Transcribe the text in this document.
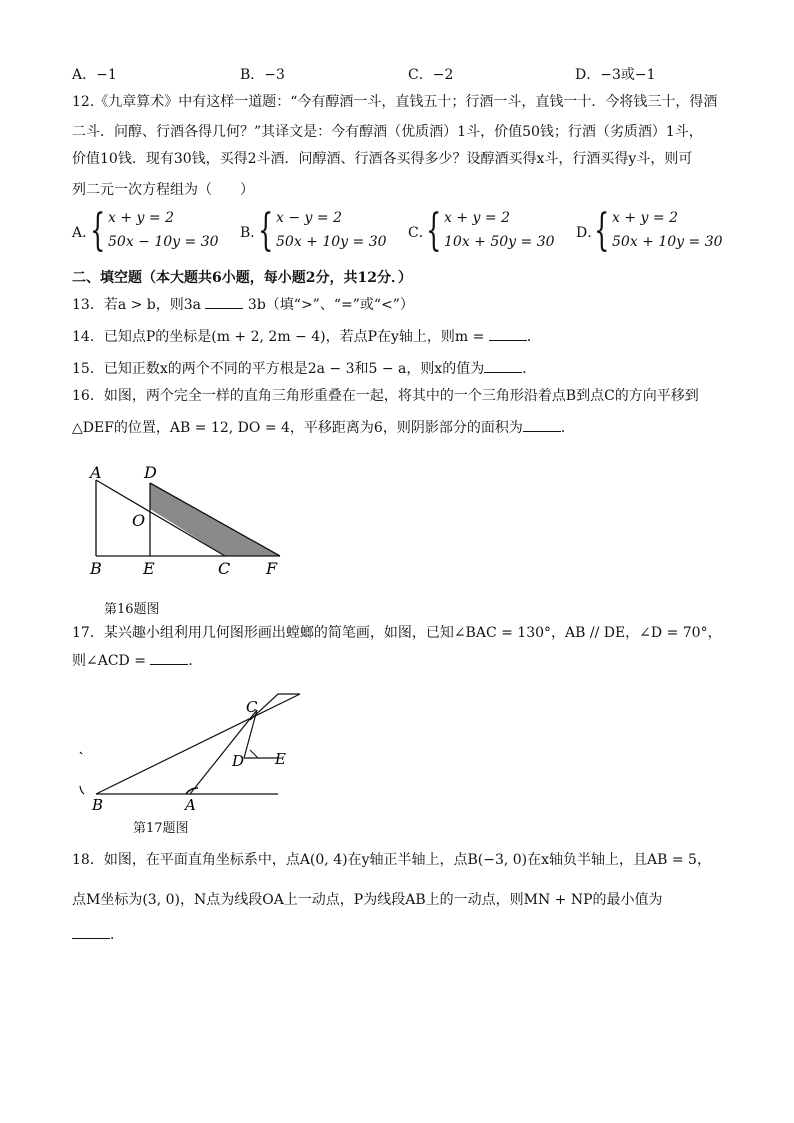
A．−1	B．−3	C．−2	D．−3或−1
12.《九章算术》中有这样一道题：“今有醇酒一斗，直钱五十；行酒一斗，直钱一十．今将钱三十，得酒
二斗．问醇、行酒各得几何？”其译文是：今有醇酒（优质酒）1斗，价值50钱；行酒（劣质酒）1斗，
价值10钱．现有30钱，买得2斗酒．问醇酒、行酒各买得多少？设醇酒买得x斗，行酒买得y斗，则可
列二元一次方程组为（　　）
A．
{ x + y = 2
50x − 10y = 30
B．
{ x − y = 2
50x + 10y = 30
C．
{ x + y = 2
10x + 50y = 30
D．
{ x + y = 2
50x + 10y = 30
二、填空题（本大题共6小题，每小题2分，共12分．）
13．若a > b，则3a	3b（填“>”、“=”或“<”）
14．已知点P的坐标是(m + 2, 2m − 4)，若点P在y轴上，则m =	．
15．已知正数x的两个不同的平方根是2a − 3和5 − a，则x的值为	．
16．如图，两个完全一样的直角三角形重叠在一起，将其中的一个三角形沿着点B到点C的方向平移到
△DEF的位置，AB = 12, DO = 4，平移距离为6，则阴影部分的面积为	．
A	D
O
B	E	C F
第16题图
17．某兴趣小组利用几何图形画出螳螂的简笔画，如图，已知∠BAC = 130°，AB // DE，∠D = 70°，
则∠ACD =	．
C
D E
B	A
第17题图
18．如图，在平面直角坐标系中，点A(0, 4)在y轴正半轴上，点B(−3, 0)在x轴负半轴上，且AB = 5，
点M坐标为(3, 0)，N点为线段OA上一动点，P为线段AB上的一动点，则MN + NP的最小值为
．
